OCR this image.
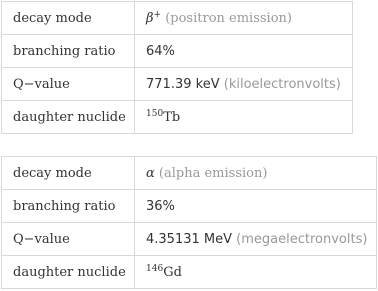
decay mode	β+ (positron emission)
branching ratio	64%
Q−value	771.39 keV (kiloelectronvolts)
daughter nuclide	$^{150}$Tb
decay mode	α (alpha emission)
branching ratio	36%
Q−value	4.35131 MeV (megaelectronvolts)
daughter nuclide	$^{146}$Gd
